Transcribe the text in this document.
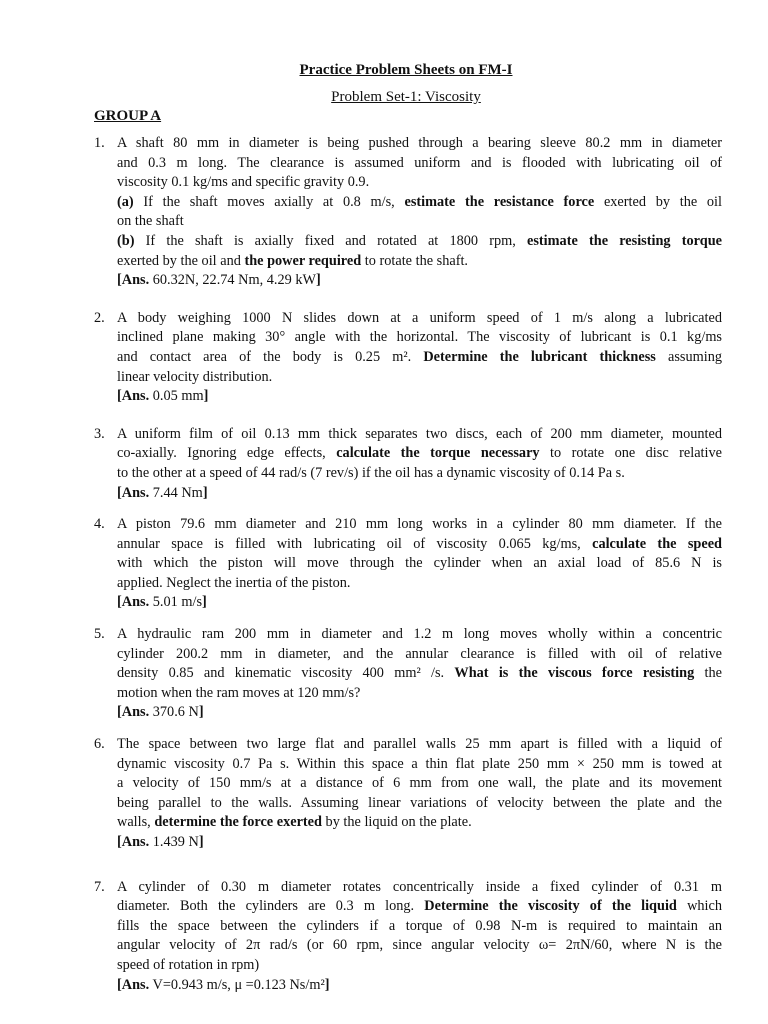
Practice Problem Sheets on FM-I
Problem Set-1: Viscosity
GROUP A
1. A shaft 80 mm in diameter is being pushed through a bearing sleeve 80.2 mm in diameter
and 0.3 m long. The clearance is assumed uniform and is flooded with lubricating oil of
viscosity 0.1 kg/ms and specific gravity 0.9.
(a) If the shaft moves axially at 0.8 m/s, estimate the resistance force exerted by the oil
on the shaft
(b) If the shaft is axially fixed and rotated at 1800 rpm, estimate the resisting torque
exerted by the oil and the power required to rotate the shaft.
[Ans. 60.32N, 22.74 Nm, 4.29 kW]
2. A body weighing 1000 N slides down at a uniform speed of 1 m/s along a lubricated
inclined plane making 30° angle with the horizontal. The viscosity of lubricant is 0.1 kg/ms
and contact area of the body is 0.25 m². Determine the lubricant thickness assuming
linear velocity distribution.
[Ans. 0.05 mm]
3. A uniform film of oil 0.13 mm thick separates two discs, each of 200 mm diameter, mounted
co-axially. Ignoring edge effects, calculate the torque necessary to rotate one disc relative
to the other at a speed of 44 rad/s (7 rev/s) if the oil has a dynamic viscosity of 0.14 Pa s.
[Ans. 7.44 Nm]
4. A piston 79.6 mm diameter and 210 mm long works in a cylinder 80 mm diameter. If the
annular space is filled with lubricating oil of viscosity 0.065 kg/ms, calculate the speed
with which the piston will move through the cylinder when an axial load of 85.6 N is
applied. Neglect the inertia of the piston.
[Ans. 5.01 m/s]
5. A hydraulic ram 200 mm in diameter and 1.2 m long moves wholly within a concentric
cylinder 200.2 mm in diameter, and the annular clearance is filled with oil of relative
density 0.85 and kinematic viscosity 400 mm² /s. What is the viscous force resisting the
motion when the ram moves at 120 mm/s?
[Ans. 370.6 N]
6. The space between two large flat and parallel walls 25 mm apart is filled with a liquid of
dynamic viscosity 0.7 Pa s. Within this space a thin flat plate 250 mm × 250 mm is towed at
a velocity of 150 mm/s at a distance of 6 mm from one wall, the plate and its movement
being parallel to the walls. Assuming linear variations of velocity between the plate and the
walls, determine the force exerted by the liquid on the plate.
[Ans. 1.439 N]
7. A cylinder of 0.30 m diameter rotates concentrically inside a fixed cylinder of 0.31 m
diameter. Both the cylinders are 0.3 m long. Determine the viscosity of the liquid which
fills the space between the cylinders if a torque of 0.98 N-m is required to maintain an
angular velocity of 2π rad/s (or 60 rpm, since angular velocity ω= 2πN/60, where N is the
speed of rotation in rpm)
[Ans. V=0.943 m/s, μ =0.123 Ns/m²]
